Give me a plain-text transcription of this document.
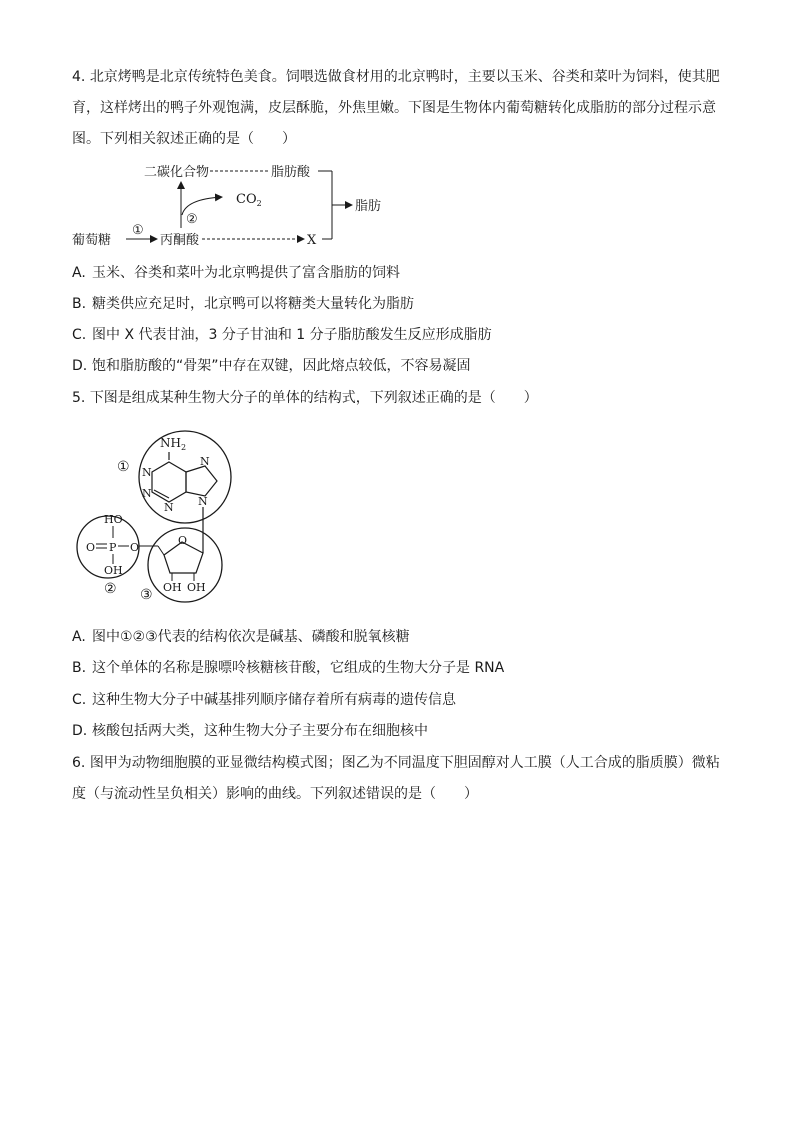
4. 北京烤鸭是北京传统特色美食。饲喂选做食材用的北京鸭时，主要以玉米、谷类和菜叶为饲料，使其肥育，这样烤出的鸭子外观饱满，皮层酥脆，外焦里嫩。下图是生物体内葡萄糖转化成脂肪的部分过程示意图。下列相关叙述正确的是（　　）

二碳化合物	脂肪酸
脂肪
$CO_2$
②
葡萄糖
①
丙酮酸	X

A. 玉米、谷类和菜叶为北京鸭提供了富含脂肪的饲料

B. 糖类供应充足时，北京鸭可以将糖类大量转化为脂肪

C. 图中 X 代表甘油，3 分子甘油和 1 分子脂肪酸发生反应形成脂肪

D. 饱和脂肪酸的“骨架”中存在双键，因此熔点较低，不容易凝固

5. 下图是组成某种生物大分子的单体的结构式，下列叙述正确的是（　　）

①
$NH_2$
N
N
N
N
N
HO
O P O
OH
②
O
OH OH
③

A. 图中①②③代表的结构依次是碱基、磷酸和脱氧核糖

B. 这个单体的名称是腺嘌呤核糖核苷酸，它组成的生物大分子是 RNA

C. 这种生物大分子中碱基排列顺序储存着所有病毒的遗传信息

D. 核酸包括两大类，这种生物大分子主要分布在细胞核中

6. 图甲为动物细胞膜的亚显微结构模式图；图乙为不同温度下胆固醇对人工膜（人工合成的脂质膜）微粘度（与流动性呈负相关）影响的曲线。下列叙述错误的是（　　）
